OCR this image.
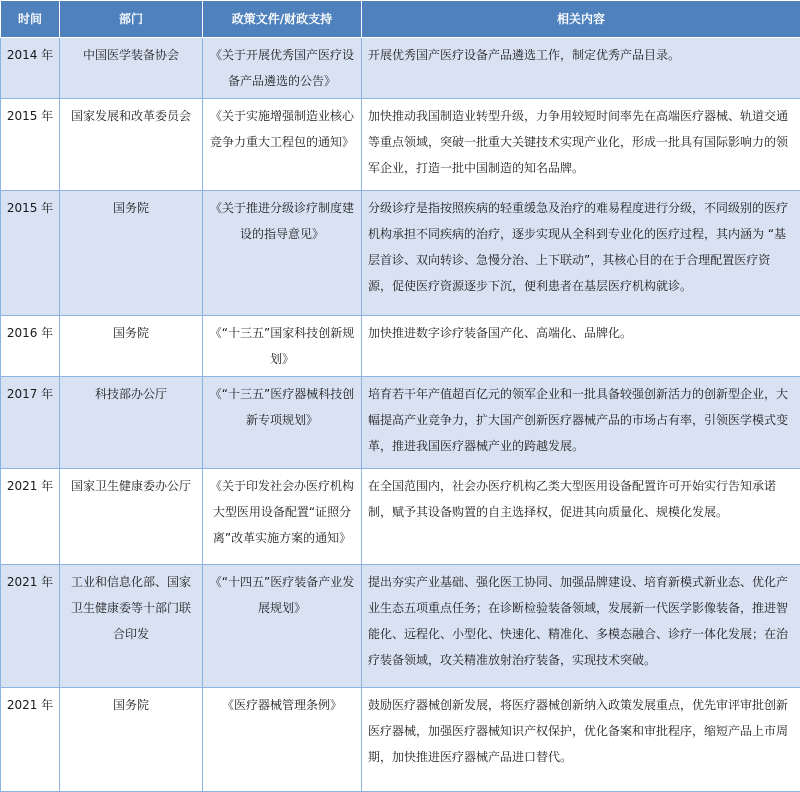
时间	部门	政策文件/财政支持	相关内容
2014 年	中国医学装备协会	《关于开展优秀国产医疗设备产品遴选的公告》	开展优秀国产医疗设备产品遴选工作，制定优秀产品目录。
2015 年	国家发展和改革委员会	《关于实施增强制造业核心竞争力重大工程包的通知》	加快推动我国制造业转型升级，力争用较短时间率先在高端医疗器械、轨道交通等重点领域，突破一批重大关键技术实现产业化，形成一批具有国际影响力的领军企业，打造一批中国制造的知名品牌。
2015 年	国务院	《关于推进分级诊疗制度建设的指导意见》	分级诊疗是指按照疾病的轻重缓急及治疗的难易程度进行分级，不同级别的医疗机构承担不同疾病的治疗，逐步实现从全科到专业化的医疗过程，其内涵为 “基层首诊、双向转诊、急慢分治、上下联动”，其核心目的在于合理配置医疗资源，促使医疗资源逐步下沉，便利患者在基层医疗机构就诊。
2016 年	国务院	《“十三五”国家科技创新规划》	加快推进数字诊疗装备国产化、高端化、品牌化。
2017 年	科技部办公厅	《“十三五”医疗器械科技创新专项规划》	培育若干年产值超百亿元的领军企业和一批具备较强创新活力的创新型企业，大幅提高产业竞争力，扩大国产创新医疗器械产品的市场占有率，引领医学模式变革，推进我国医疗器械产业的跨越发展。
2021 年	国家卫生健康委办公厅	《关于印发社会办医疗机构大型医用设备配置“证照分离”改革实施方案的通知》	在全国范围内，社会办医疗机构乙类大型医用设备配置许可开始实行告知承诺制，赋予其设备购置的自主选择权，促进其向质量化、规模化发展。
2021 年	工业和信息化部、国家卫生健康委等十部门联合印发	《“十四五”医疗装备产业发展规划》	提出夯实产业基础、强化医工协同、加强品牌建设、培育新模式新业态、优化产业生态五项重点任务；在诊断检验装备领域，发展新一代医学影像装备，推进智能化、远程化、小型化、快速化、精准化、多模态融合、诊疗一体化发展；在治疗装备领域，攻关精准放射治疗装备，实现技术突破。
2021 年	国务院	《医疗器械管理条例》	鼓励医疗器械创新发展，将医疗器械创新纳入政策发展重点，优先审评审批创新医疗器械，加强医疗器械知识产权保护，优化备案和审批程序，缩短产品上市周期，加快推进医疗器械产品进口替代。
